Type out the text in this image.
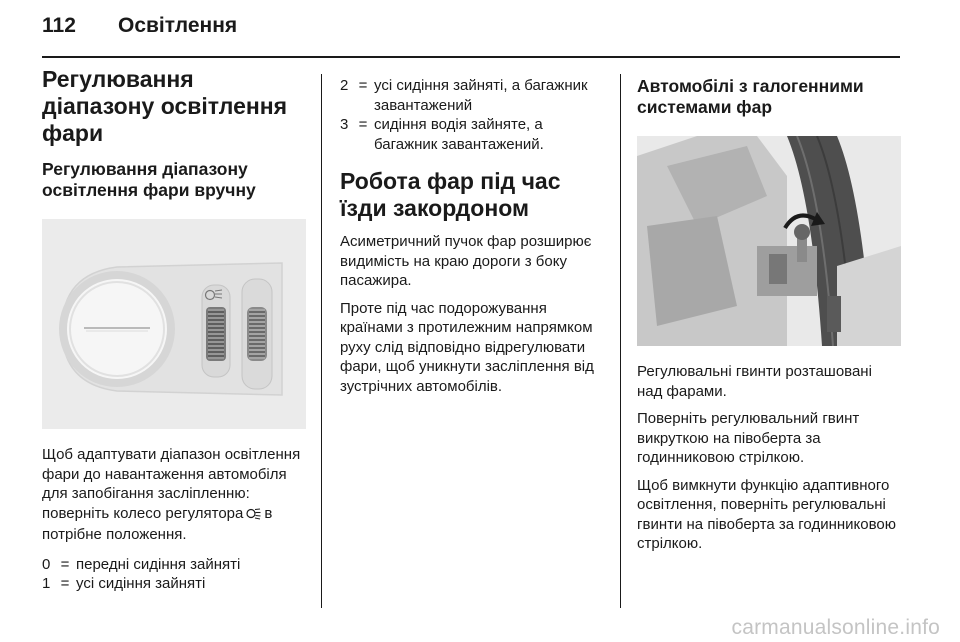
112 Освітлення
Регулювання діапазону освітлення фари
Регулювання діапазону освітлення фари вручну

Щоб адаптувати діапазон освітлення фари до навантаження автомобіля для запобігання засліпленню: поверніть колесо регулятора в потрібне положення.

0 = передні сидіння зайняті
1 = усі сидіння зайняті
2 = усі сидіння зайняті, а багажник завантажений
3 = сидіння водія зайняте, а багажник завантажений.
Робота фар під час їзди закордоном

Асиметричний пучок фар розширює видимість на краю дороги з боку пасажира.

Проте під час подорожування країнами з протилежним напрямком руху слід відповідно відрегулювати фари, щоб уникнути засліплення від зустрічних автомобілів.

Автомобілі з галогенними системами фар

Регулювальні гвинти розташовані над фарами.

Поверніть регулювальний гвинт викруткою на півоберта за годинниковою стрілкою.

Щоб вимкнути функцію адаптивного освітлення, поверніть регулювальні гвинти на півоберта за годинниковою стрілкою.

carmanualsonline.info
